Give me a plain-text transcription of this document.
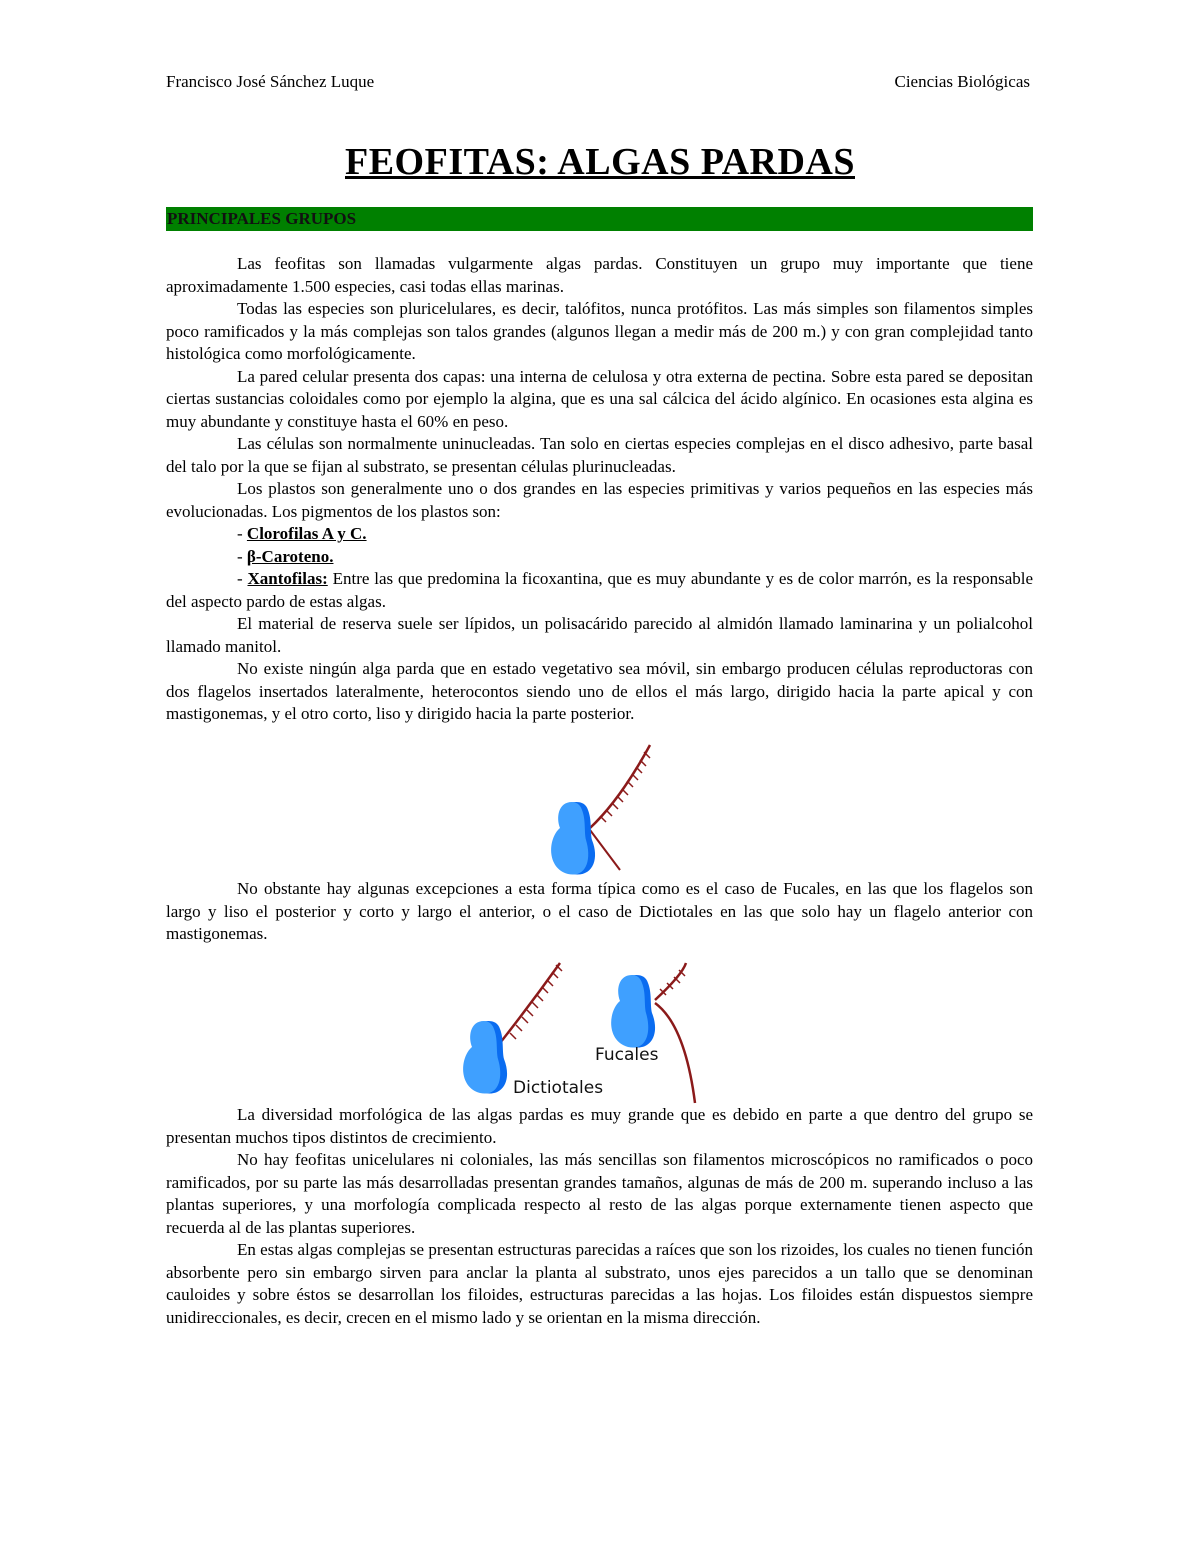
Francisco José Sánchez Luque	Ciencias Biológicas
FEOFITAS: ALGAS PARDAS
PRINCIPALES GRUPOS

Las feofitas son llamadas vulgarmente algas pardas. Constituyen un grupo muy importante que tiene aproximadamente 1.500 especies, casi todas ellas marinas.

Todas las especies son pluricelulares, es decir, talófitos, nunca protófitos. Las más simples son filamentos simples poco ramificados y la más complejas son talos grandes (algunos llegan a medir más de 200 m.) y con gran complejidad tanto histológica como morfológicamente.

La pared celular presenta dos capas: una interna de celulosa y otra externa de pectina. Sobre esta pared se depositan ciertas sustancias coloidales como por ejemplo la algina, que es una sal cálcica del ácido algínico. En ocasiones esta algina es muy abundante y constituye hasta el 60% en peso.

Las células son normalmente uninucleadas. Tan solo en ciertas especies complejas en el disco adhesivo, parte basal del talo por la que se fijan al substrato, se presentan células plurinucleadas.

Los plastos son generalmente uno o dos grandes en las especies primitivas y varios pequeños en las especies más evolucionadas. Los pigmentos de los plastos son:

- Clorofilas A y C.

- β-Caroteno.

- Xantofilas: Entre las que predomina la ficoxantina, que es muy abundante y es de color marrón, es la responsable del aspecto pardo de estas algas.

El material de reserva suele ser lípidos, un polisacárido parecido al almidón llamado laminarina y un polialcohol llamado manitol.

No existe ningún alga parda que en estado vegetativo sea móvil, sin embargo producen células reproductoras con dos flagelos insertados lateralmente, heterocontos siendo uno de ellos el más largo, dirigido hacia la parte apical y con mastigonemas, y el otro corto, liso y dirigido hacia la parte posterior.

No obstante hay algunas excepciones a esta forma típica como es el caso de Fucales, en las que los flagelos son largo y liso el posterior y corto y largo el anterior, o el caso de Dictiotales en las que solo hay un flagelo anterior con mastigonemas.

Fucales
Dictiotales

La diversidad morfológica de las algas pardas es muy grande que es debido en parte a que dentro del grupo se presentan muchos tipos distintos de crecimiento.

No hay feofitas unicelulares ni coloniales, las más sencillas son filamentos microscópicos no ramificados o poco ramificados, por su parte las más desarrolladas presentan grandes tamaños, algunas de más de 200 m. superando incluso a las plantas superiores, y una morfología complicada respecto al resto de las algas porque externamente tienen aspecto que recuerda al de las plantas superiores.

En estas algas complejas se presentan estructuras parecidas a raíces que son los rizoides, los cuales no tienen función absorbente pero sin embargo sirven para anclar la planta al substrato, unos ejes parecidos a un tallo que se denominan cauloides y sobre éstos se desarrollan los filoides, estructuras parecidas a las hojas. Los filoides están dispuestos siempre unidireccionales, es decir, crecen en el mismo lado y se orientan en la misma dirección.
